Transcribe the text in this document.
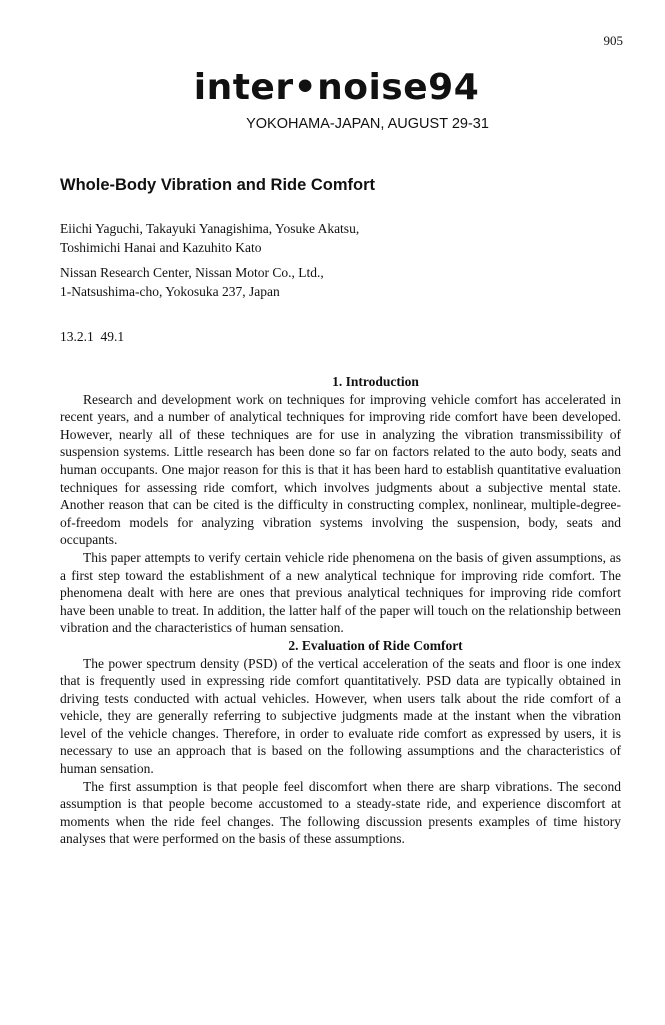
905
inter•noise94
YOKOHAMA-JAPAN, AUGUST 29-31
Whole-Body Vibration and Ride Comfort
Eiichi Yaguchi, Takayuki Yanagishima, Yosuke Akatsu,
Toshimichi Hanai and Kazuhito Kato
Nissan Research Center, Nissan Motor Co., Ltd.,
1-Natsushima-cho, Yokosuka 237, Japan
13.2.1  49.1
1. Introduction

Research and development work on techniques for improving vehicle comfort has accelerated in recent years, and a number of analytical techniques for improving ride comfort have been developed. However, nearly all of these techniques are for use in analyzing the vibration transmissibility of suspension systems. Little research has been done so far on factors related to the auto body, seats and human occupants. One major reason for this is that it has been hard to establish quantitative evaluation techniques for assessing ride comfort, which involves judgments about a subjective mental state. Another reason that can be cited is the difficulty in constructing complex, nonlinear, multiple-degree-of-freedom models for analyzing vibration systems involving the suspension, body, seats and occupants.

This paper attempts to verify certain vehicle ride phenomena on the basis of given assumptions, as a first step toward the establishment of a new analytical technique for improving ride comfort. The phenomena dealt with here are ones that previous analytical techniques for improving ride comfort have been unable to treat. In addition, the latter half of the paper will touch on the relationship between vibration and the characteristics of human sensation.

2. Evaluation of Ride Comfort

The power spectrum density (PSD) of the vertical acceleration of the seats and floor is one index that is frequently used in expressing ride comfort quantitatively. PSD data are typically obtained in driving tests conducted with actual vehicles. However, when users talk about the ride comfort of a vehicle, they are generally referring to subjective judgments made at the instant when the vibration level of the vehicle changes. Therefore, in order to evaluate ride comfort as expressed by users, it is necessary to use an approach that is based on the following assumptions and the characteristics of human sensation.

The first assumption is that people feel discomfort when there are sharp vibrations. The second assumption is that people become accustomed to a steady-state ride, and experience discomfort at moments when the ride feel changes. The following discussion presents examples of time history analyses that were performed on the basis of these assumptions.
